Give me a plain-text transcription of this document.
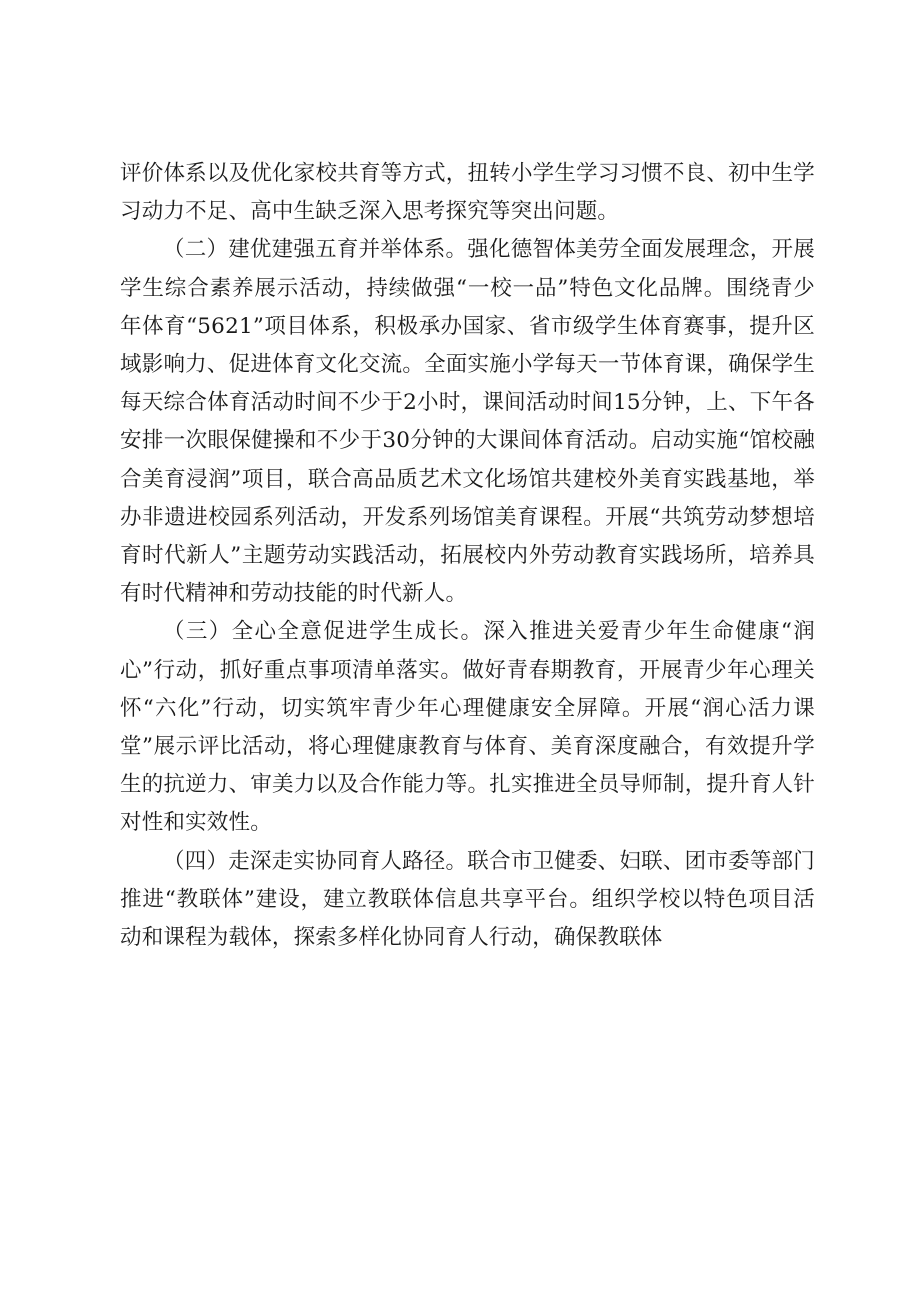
评价体系以及优化家校共育等方式，扭转小学生学习习惯不良、初中生学习动力不足、高中生缺乏深入思考探究等突出问题。

（二）建优建强五育并举体系。强化德智体美劳全面发展理念，开展学生综合素养展示活动，持续做强“一校一品”特色文化品牌。围绕青少年体育“5621”项目体系，积极承办国家、省市级学生体育赛事，提升区域影响力、促进体育文化交流。全面实施小学每天一节体育课，确保学生每天综合体育活动时间不少于2小时，课间活动时间15分钟，上、下午各安排一次眼保健操和不少于30分钟的大课间体育活动。启动实施“馆校融合美育浸润”项目，联合高品质艺术文化场馆共建校外美育实践基地，举办非遗进校园系列活动，开发系列场馆美育课程。开展“共筑劳动梦想培育时代新人”主题劳动实践活动，拓展校内外劳动教育实践场所，培养具有时代精神和劳动技能的时代新人。

（三）全心全意促进学生成长。深入推进关爱青少年生命健康“润心”行动，抓好重点事项清单落实。做好青春期教育，开展青少年心理关怀“六化”行动，切实筑牢青少年心理健康安全屏障。开展“润心活力课堂”展示评比活动，将心理健康教育与体育、美育深度融合，有效提升学生的抗逆力、审美力以及合作能力等。扎实推进全员导师制，提升育人针对性和实效性。

（四）走深走实协同育人路径。联合市卫健委、妇联、团市委等部门推进“教联体”建设，建立教联体信息共享平台。组织学校以特色项目活动和课程为载体，探索多样化协同育人行动，确保教联体
